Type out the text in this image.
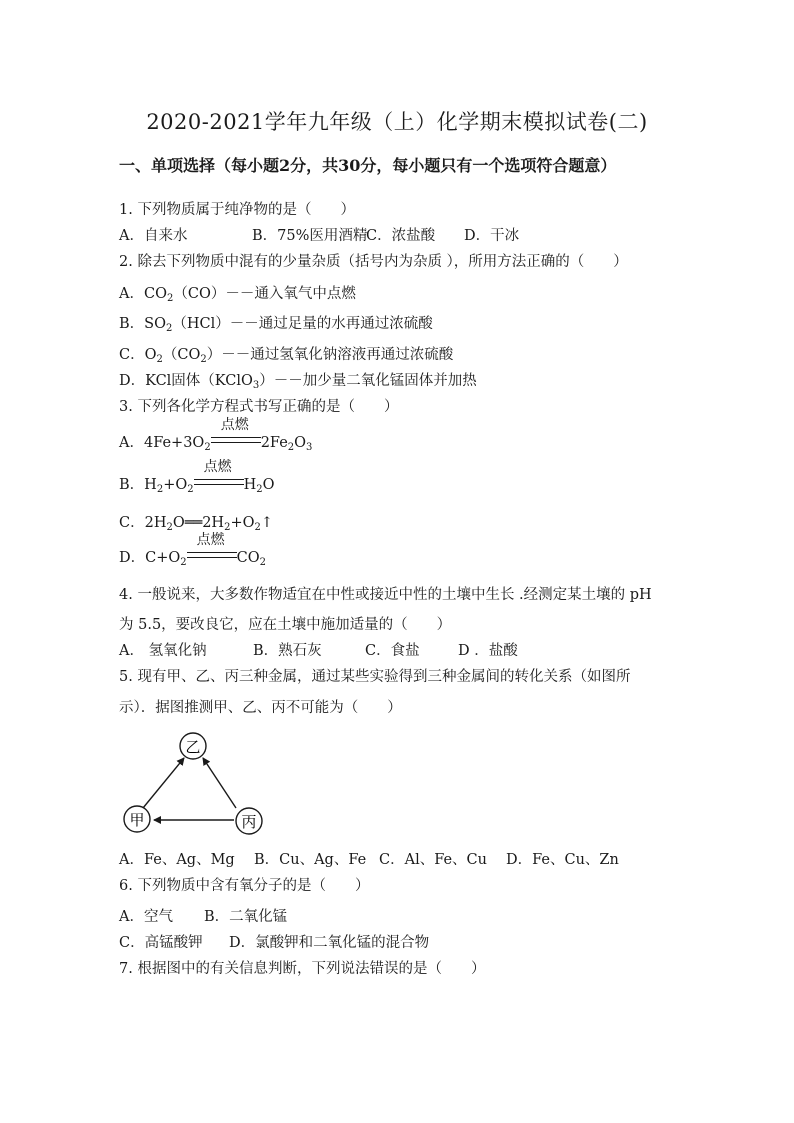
2020-2021学年九年级（上）化学期末模拟试卷(二)
一、单项选择（每小题2分，共30分，每小题只有一个选项符合题意）
1. 下列物质属于纯净物的是（　　）
A．自来水	B．75%医用酒精C．浓盐酸 D．干冰
2. 除去下列物质中混有的少量杂质（括号内为杂质 ），所用方法正确的（　　）
A．$CO_2(CO)--$通入氧气中点燃
B．$SO_2(HCl)--$通过足量的水再通过浓硫酸
C．$O_2(CO_2)--$通过氢氧化钠溶液再通过浓硫酸
D．KCl固体（KClO$_3$）－－加少量二氧化锰固体并加热
3. 下列各化学方程式书写正确的是（　　）
A．$4Fe+3O_2$
点燃
$2Fe_2O_3$
B．$H_2+O_2$
点燃
$H_2O$
C．$2H_2O══2H_2+O_2↑$
D．$C+O_2$
点燃
$CO_2$
4. 一般说来，大多数作物适宜在中性或接近中性的土壤中生长 .经测定某土壤的 pH
为 5.5，要改良它，应在土壤中施加适量的（　　）
A． 氢氧化钠	B．熟石灰	C．食盐	D ．盐酸
5. 现有甲、乙、丙三种金属，通过某些实验得到三种金属间的转化关系（如图所
示）．据图推测甲、乙、丙不可能为（　　）
乙
甲	丙
A．Fe、Ag、Mg B．Cu、Ag、Fe C．Al、Fe、Cu D．Fe、Cu、Zn
6. 下列物质中含有氧分子的是（　　）
A．空气 B．二氧化锰
C．高锰酸钾 D．氯酸钾和二氧化锰的混合物
7. 根据图中的有关信息判断，下列说法错误的是（　　）
